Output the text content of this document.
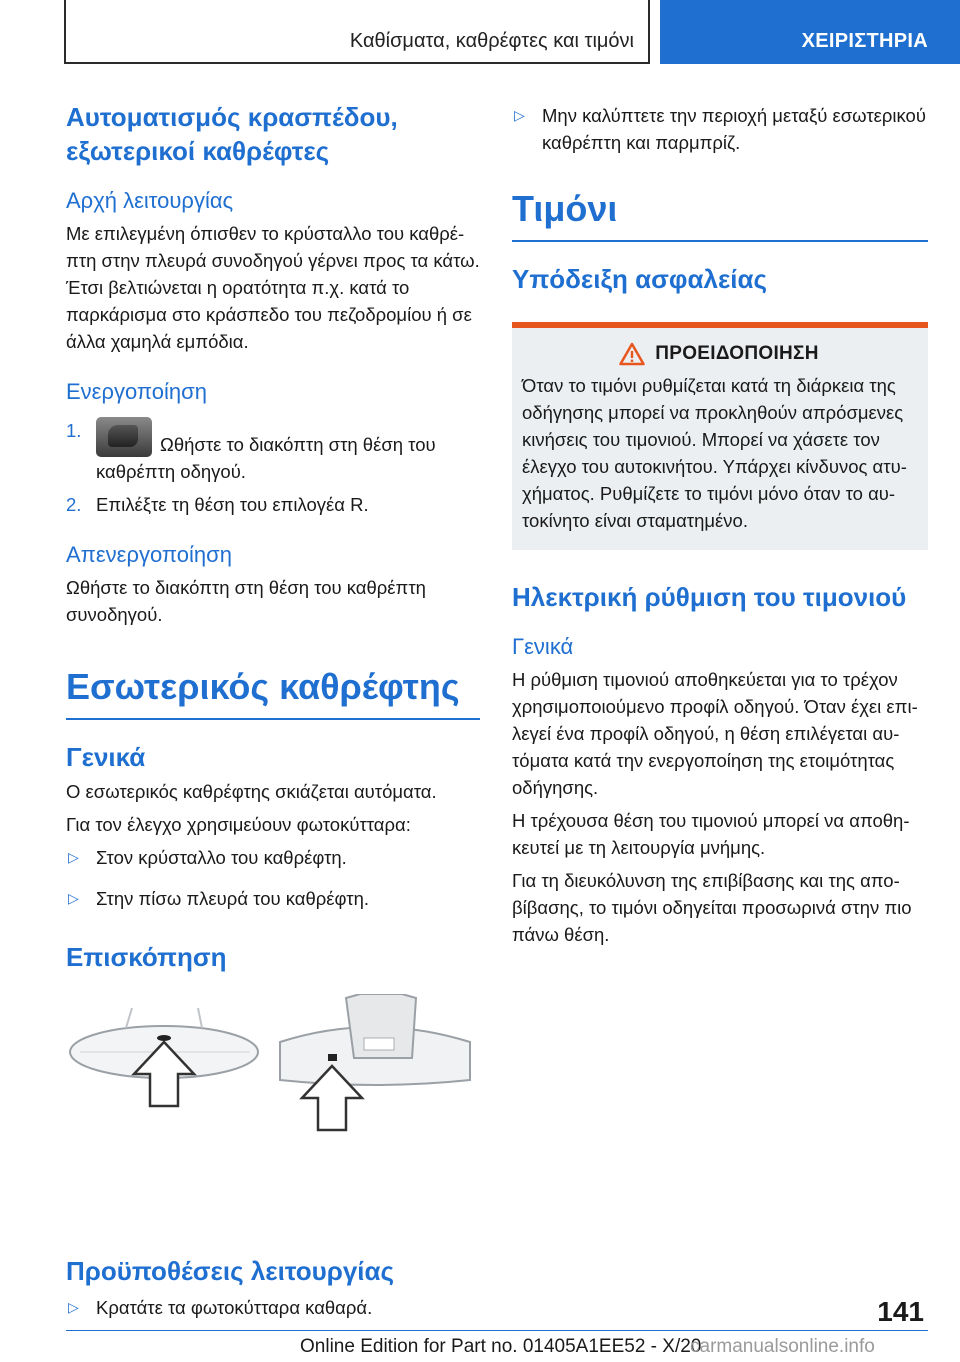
Καθίσματα, καθρέφτες και τιμόνι	ΧΕΙΡΙΣΤΗΡΙΑ
Αυτοματισμός κρασπέδου, εξωτερικοί καθρέφτες
Αρχή λειτουργίας

Με επιλεγμένη όπισθεν το κρύσταλλο του καθρέπτη στην πλευρά συνοδηγού γέρνει προς τα κάτω. Έτσι βελτιώνεται η ορατότητα π.χ. κατά το παρκάρισμα στο κράσπεδο του πεζοδρομίου ή σε άλλα χαμηλά εμπόδια.

Ενεργοποίηση
1.
Ωθήστε το διακόπτη στη θέση του καθρέπτη οδηγού.
2. Επιλέξτε τη θέση του επιλογέα R.
Απενεργοποίηση

Ωθήστε το διακόπτη στη θέση του καθρέπτη συνοδηγού.

Εσωτερικός καθρέφτης
Γενικά

Ο εσωτερικός καθρέφτης σκιάζεται αυτόματα.

Για τον έλεγχο χρησιμεύουν φωτοκύτταρα:

▷ Στον κρύσταλλο του καθρέφτη.
▷ Στην πίσω πλευρά του καθρέφτη.
Επισκόπηση
Προϋποθέσεις λειτουργίας
▷ Κρατάτε τα φωτοκύτταρα καθαρά.
▷ Μην καλύπτετε την περιοχή μεταξύ εσωτερικού καθρέπτη και παρμπρίζ.
Τιμόνι
Υπόδειξη ασφαλείας
ΠΡΟΕΙΔΟΠΟΙΗΣΗ

Όταν το τιμόνι ρυθμίζεται κατά τη διάρκεια της οδήγησης μπορεί να προκληθούν απρόσμενες κινήσεις του τιμονιού. Μπορεί να χάσετε τον έλεγχο του αυτοκινήτου. Υπάρχει κίνδυνος ατυχήματος. Ρυθμίζετε το τιμόνι μόνο όταν το αυτοκίνητο είναι σταματημένο.

Ηλεκτρική ρύθμιση του τιμονιού
Γενικά

Η ρύθμιση τιμονιού αποθηκεύεται για το τρέχον χρησιμοποιούμενο προφίλ οδηγού. Όταν έχει επιλεγεί ένα προφίλ οδηγού, η θέση επιλέγεται αυτόματα κατά την ενεργοποίηση της ετοιμότητας οδήγησης.

Η τρέχουσα θέση του τιμονιού μπορεί να αποθηκευτεί με τη λειτουργία μνήμης.

Για τη διευκόλυνση της επιβίβασης και της αποβίβασης, το τιμόνι οδηγείται προσωρινά στην πιο πάνω θέση.

141
Online Edition for Part no. 01405A1EE52 - X/20
carmanualsonline.info
